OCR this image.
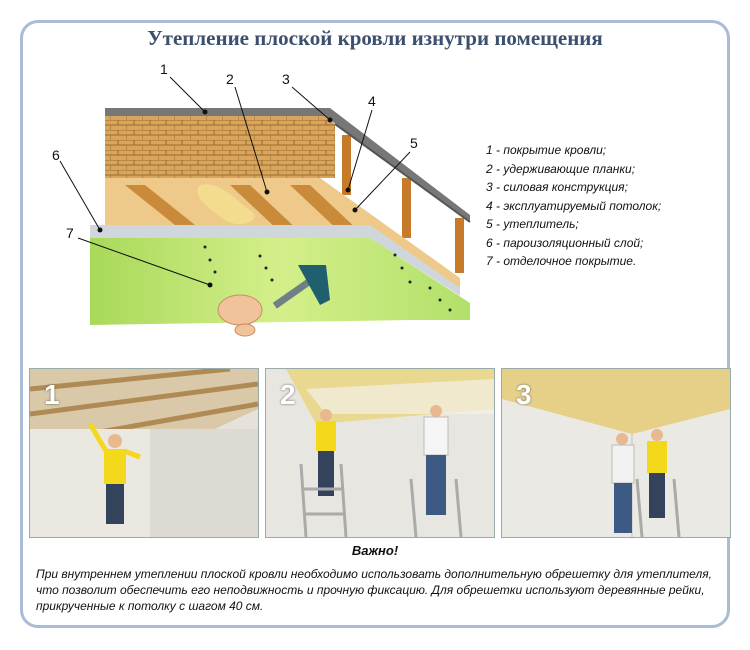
Утепление плоской кровли изнутри помещения
1
2	3
4
5
6
7
1 - покрытие кровли;
2 - удерживающие планки;
3 - силовая конструкция;
4 - эксплуатируемый потолок;
5 - утеплитель;
6 - пароизоляционный слой;
7 - отделочное покрытие.
1	2	3
Важно!
При внутреннем утеплении плоской кровли необходимо использовать дополнительную обрешетку для утеплителя, что позволит обеспечить его неподвижность и прочную фиксацию. Для обрешетки используют деревянные рейки, прикрученные к потолку с шагом 40 см.
